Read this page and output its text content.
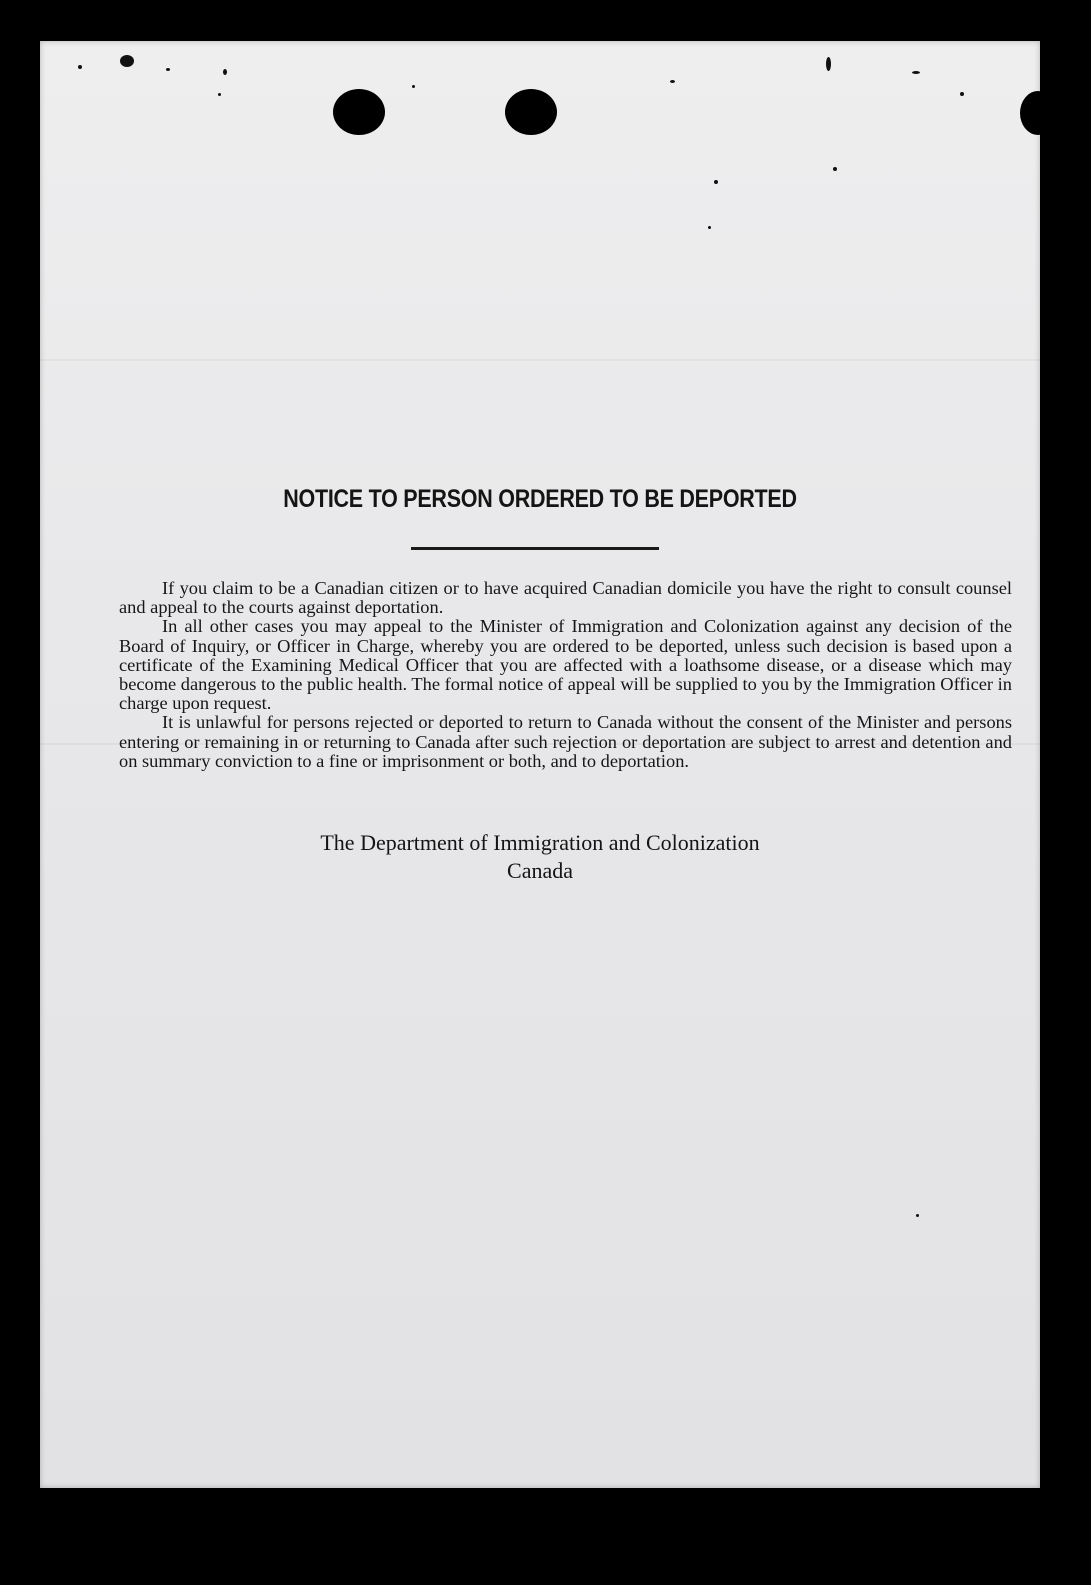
NOTICE TO PERSON ORDERED TO BE DEPORTED

If you claim to be a Canadian citizen or to have acquired Canadian domicile you have the right to consult counsel and appeal to the courts against deportation.

In all other cases you may appeal to the Minister of Immigration and Colonization against any decision of the Board of Inquiry, or Officer in Charge, whereby you are ordered to be deported, unless such decision is based upon a certificate of the Examining Medical Officer that you are affected with a loathsome disease, or a disease which may become dangerous to the public health. The formal notice of appeal will be supplied to you by the Immigration Officer in charge upon request.

It is unlawful for persons rejected or deported to return to Canada without the consent of the Minister and persons entering or remaining in or returning to Canada after such rejection or deportation are subject to arrest and detention and on summary conviction to a fine or imprisonment or both, and to deportation.

The Department of Immigration and Colonization
Canada
